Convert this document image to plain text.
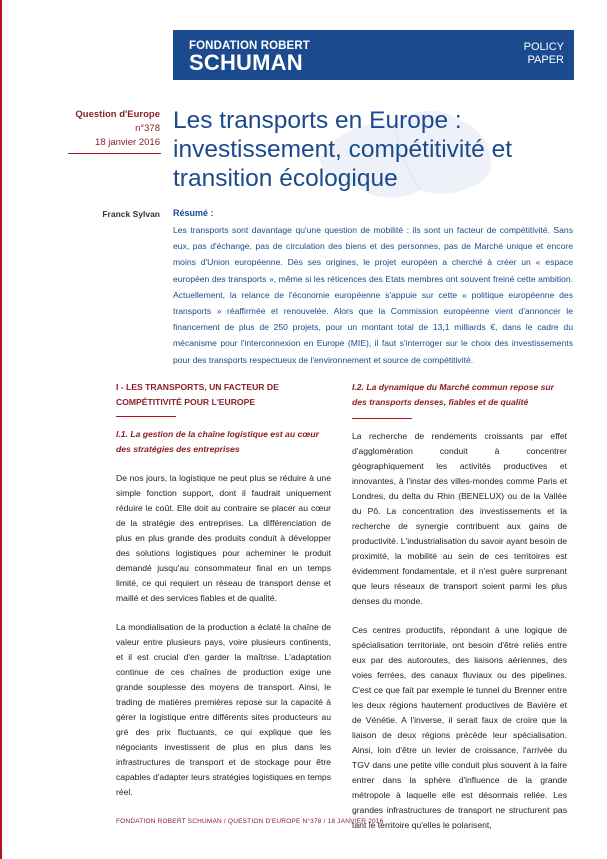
FONDATION ROBERT
SCHUMAN
POLICY
PAPER
Question d'Europe
n°378
18 janvier 2016
Les transports en Europe : investissement, compétitivité et transition écologique
Franck Sylvan Résumé :
Les transports sont davantage qu'une question de mobilité : ils sont un facteur de compétitivité. Sans eux, pas d'échange, pas de circulation des biens et des personnes, pas de Marché unique et encore moins d'Union européenne. Dès ses origines, le projet européen a cherché à créer un « espace européen des transports », même si les réticences des Etats membres ont souvent freiné cette ambition. Actuellement, la relance de l'économie européenne s'appuie sur cette « politique européenne des transports » réaffirmée et renouvelée. Alors que la Commission européenne vient d'annoncer le financement de plus de 250 projets, pour un montant total de 13,1 milliards €, dans le cadre du mécanisme pour l'interconnexion en Europe (MIE), il faut s'interroger sur le choix des investissements pour des transports respectueux de l'environnement et source de compétitivité.
I - LES TRANSPORTS, UN FACTEUR DE COMPÉTITIVITÉ POUR L'EUROPE
I.1. La gestion de la chaîne logistique est au cœur des stratégies des entreprises

De nos jours, la logistique ne peut plus se réduire à une simple fonction support, dont il faudrait uniquement réduire le coût. Elle doit au contraire se placer au cœur de la stratégie des entreprises. La différenciation de plus en plus grande des produits conduit à développer des solutions logistiques pour acheminer le produit demandé jusqu'au consommateur final en un temps limité, ce qui requiert un réseau de transport dense et maillé et des services fiables et de qualité.

La mondialisation de la production a éclaté la chaîne de valeur entre plusieurs pays, voire plusieurs continents, et il est crucial d'en garder la maîtrise. L'adaptation continue de ces chaînes de production exige une grande souplesse des moyens de transport. Ainsi, le trading de matières premières repose sur la capacité à gérer la logistique entre différents sites producteurs au gré des prix fluctuants, ce qui explique que les négociants investissent de plus en plus dans les infrastructures de transport et de stockage pour être capables d'adapter leurs stratégies logistiques en temps réel.

I.2. La dynamique du Marché commun repose sur des transports denses, fiables et de qualité

La recherche de rendements croissants par effet d'agglomération conduit à concentrer géographiquement les activités productives et innovantes, à l'instar des villes-mondes comme Paris et Londres, du delta du Rhin (BENELUX) ou de la Vallée du Pô. La concentration des investissements et la recherche de synergie contribuent aux gains de productivité. L'industrialisation du savoir ayant besoin de proximité, la mobilité au sein de ces territoires est évidemment fondamentale, et il n'est guère surprenant que leurs réseaux de transport soient parmi les plus denses du monde.

Ces centres productifs, répondant à une logique de spécialisation territoriale, ont besoin d'être reliés entre eux par des autoroutes, des liaisons aériennes, des voies ferrées, des canaux fluviaux ou des pipelines. C'est ce que fait par exemple le tunnel du Brenner entre les deux régions hautement productives de Bavière et de Vénétie. A l'inverse, il serait faux de croire que la liaison de deux régions précède leur spécialisation. Ainsi, loin d'être un levier de croissance, l'arrivée du TGV dans une petite ville conduit plus souvent à la faire entrer dans la sphère d'influence de la grande métropole à laquelle elle est désormais reliée. Les grandes infrastructures de transport ne structurent pas tant le territoire qu'elles le polarisent,

FONDATION ROBERT SCHUMAN / QUESTION D'EUROPE N°378 / 18 JANVIER 2016
